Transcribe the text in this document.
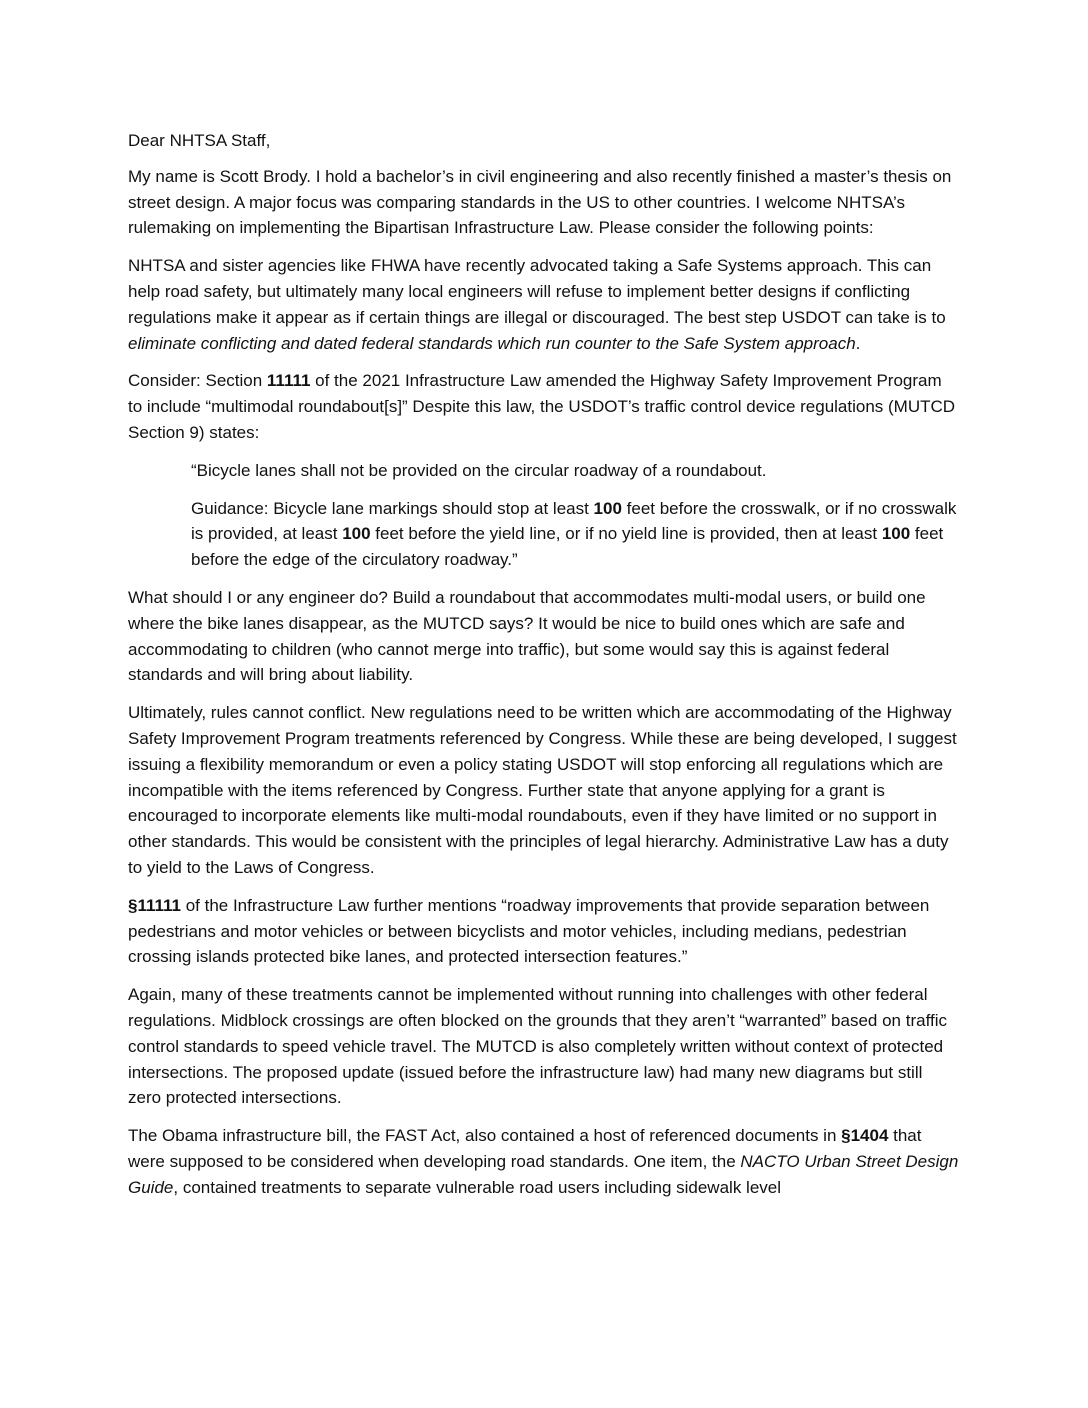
Dear NHTSA Staff,

My name is Scott Brody. I hold a bachelor’s in civil engineering and also recently finished a master’s thesis on street design. A major focus was comparing standards in the US to other countries. I welcome NHTSA’s rulemaking on implementing the Bipartisan Infrastructure Law. Please consider the following points:

NHTSA and sister agencies like FHWA have recently advocated taking a Safe Systems approach. This can help road safety, but ultimately many local engineers will refuse to implement better designs if conflicting regulations make it appear as if certain things are illegal or discouraged. The best step USDOT can take is to eliminate conflicting and dated federal standards which run counter to the Safe System approach.

Consider: Section 11111 of the 2021 Infrastructure Law amended the Highway Safety Improvement Program to include “multimodal roundabout[s]” Despite this law, the USDOT’s traffic control device regulations (MUTCD Section 9) states:

“Bicycle lanes shall not be provided on the circular roadway of a roundabout.

Guidance: Bicycle lane markings should stop at least 100 feet before the crosswalk, or if no crosswalk is provided, at least 100 feet before the yield line, or if no yield line is provided, then at least 100 feet before the edge of the circulatory roadway.”

What should I or any engineer do? Build a roundabout that accommodates multi-modal users, or build one where the bike lanes disappear, as the MUTCD says? It would be nice to build ones which are safe and accommodating to children (who cannot merge into traffic), but some would say this is against federal standards and will bring about liability.

Ultimately, rules cannot conflict. New regulations need to be written which are accommodating of the Highway Safety Improvement Program treatments referenced by Congress. While these are being developed, I suggest issuing a flexibility memorandum or even a policy stating USDOT will stop enforcing all regulations which are incompatible with the items referenced by Congress. Further state that anyone applying for a grant is encouraged to incorporate elements like multi-modal roundabouts, even if they have limited or no support in other standards. This would be consistent with the principles of legal hierarchy. Administrative Law has a duty to yield to the Laws of Congress.

§11111 of the Infrastructure Law further mentions “roadway improvements that provide separation between pedestrians and motor vehicles or between bicyclists and motor vehicles, including medians, pedestrian crossing islands protected bike lanes, and protected intersection features.”

Again, many of these treatments cannot be implemented without running into challenges with other federal regulations. Midblock crossings are often blocked on the grounds that they aren’t “warranted” based on traffic control standards to speed vehicle travel. The MUTCD is also completely written without context of protected intersections. The proposed update (issued before the infrastructure law) had many new diagrams but still zero protected intersections.

The Obama infrastructure bill, the FAST Act, also contained a host of referenced documents in §1404 that were supposed to be considered when developing road standards. One item, the NACTO Urban Street Design Guide, contained treatments to separate vulnerable road users including sidewalk level
